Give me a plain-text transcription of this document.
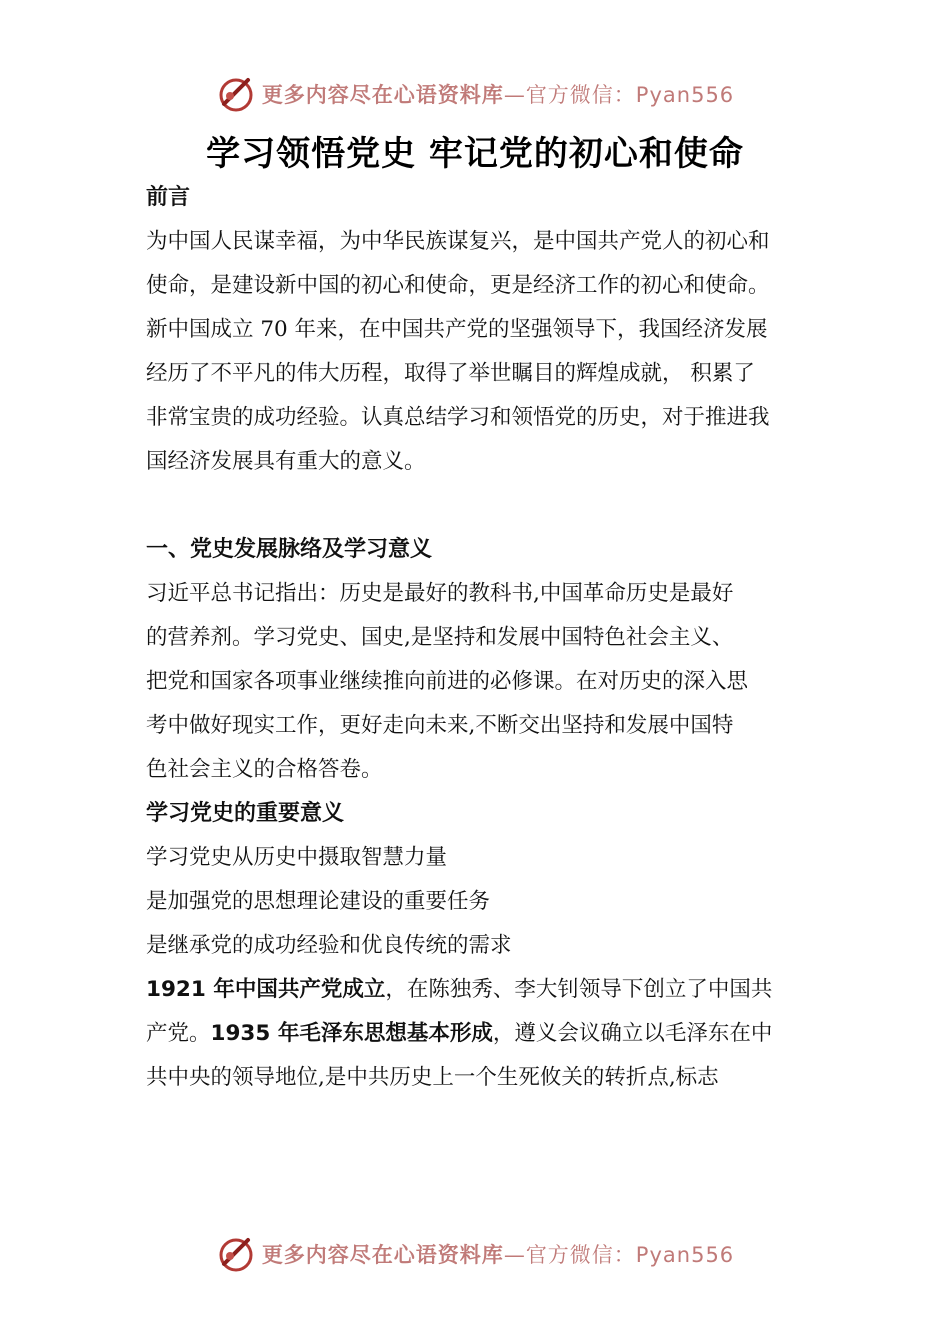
更多内容尽在心语资料库—官方微信：Pyan556
学习领悟党史 牢记党的初心和使命
前言

为中国人民谋幸福，为中华民族谋复兴，是中国共产党人的初心和
使命，是建设新中国的初心和使命，更是经济工作的初心和使命。
新中国成立 70 年来，在中国共产党的坚强领导下，我国经济发展
经历了不平凡的伟大历程，取得了举世瞩目的辉煌成就， 积累了
非常宝贵的成功经验。认真总结学习和领悟党的历史，对于推进我
国经济发展具有重大的意义。

一、党史发展脉络及学习意义

习近平总书记指出：历史是最好的教科书,中国革命历史是最好
的营养剂。学习党史、国史,是坚持和发展中国特色社会主义、
把党和国家各项事业继续推向前进的必修课。在对历史的深入思
考中做好现实工作，更好走向未来,不断交出坚持和发展中国特
色社会主义的合格答卷。

学习党史的重要意义

学习党史从历史中摄取智慧力量
是加强党的思想理论建设的重要任务
是继承党的成功经验和优良传统的需求

1921 年中国共产党成立，在陈独秀、李大钊领导下创立了中国共
产党。1935 年毛泽东思想基本形成，遵义会议确立以毛泽东在中
共中央的领导地位,是中共历史上一个生死攸关的转折点,标志

更多内容尽在心语资料库—官方微信：Pyan556
